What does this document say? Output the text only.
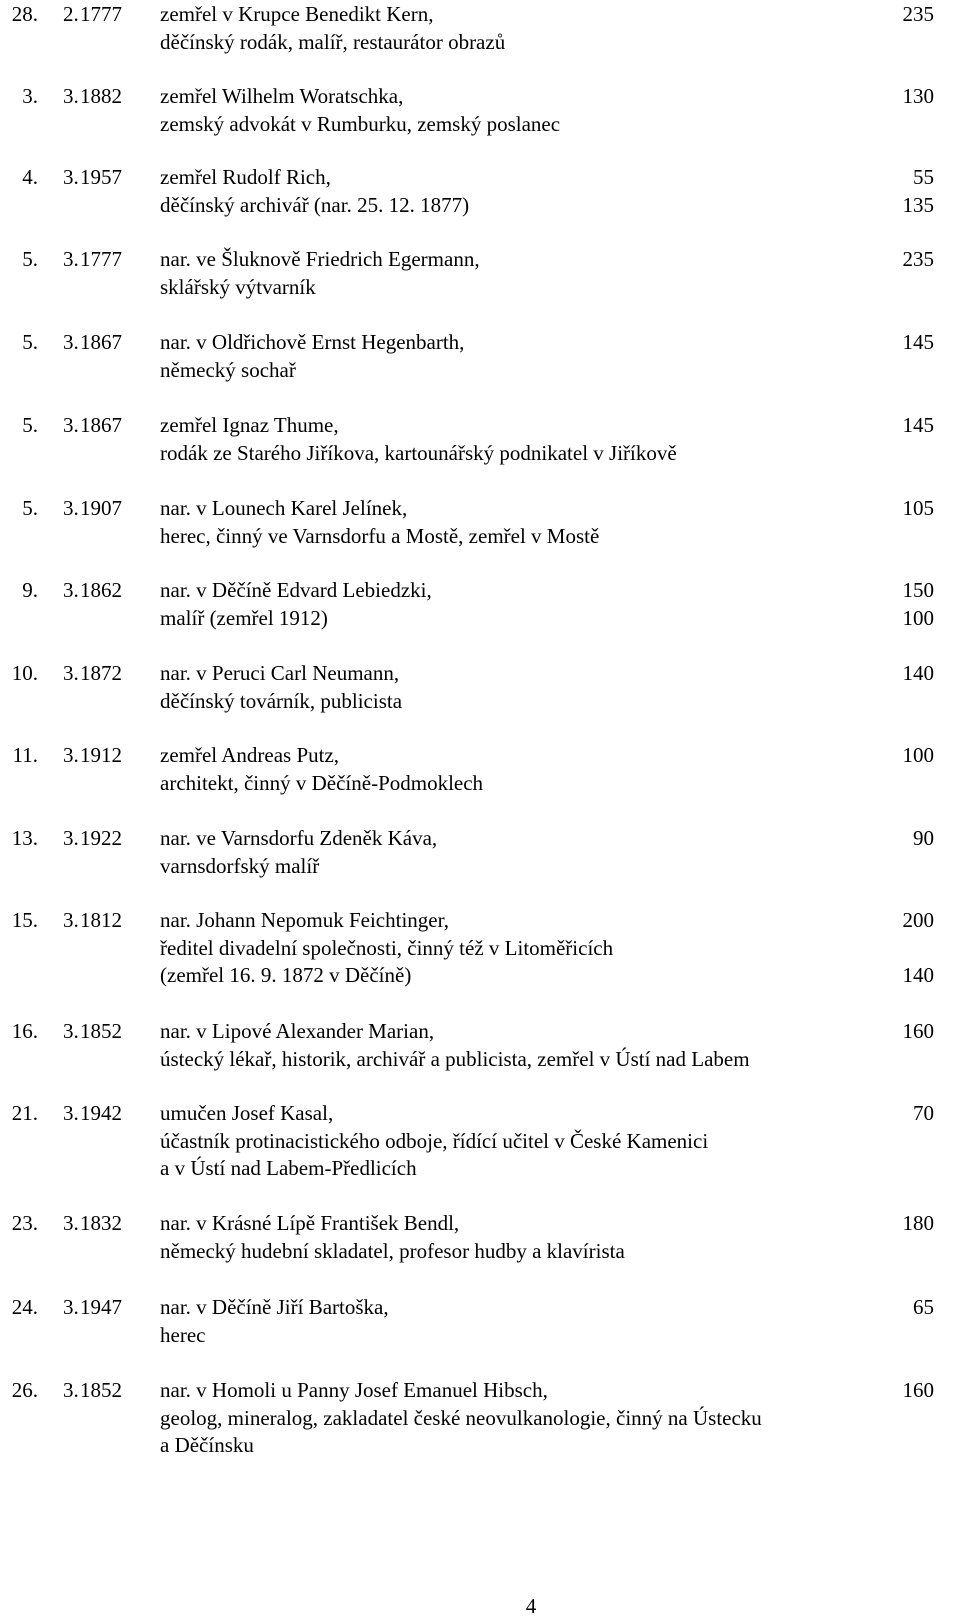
28. 2. 1777 zemřel v Krupce Benedikt Kern,	235
děčínský rodák, malíř, restaurátor obrazů
3. 3. 1882 zemřel Wilhelm Woratschka,	130
zemský advokát v Rumburku, zemský poslanec
4. 3. 1957 zemřel Rudolf Rich,	55
děčínský archivář (nar. 25. 12. 1877)	135
5. 3. 1777 nar. ve Šluknově Friedrich Egermann,	235
sklářský výtvarník
5. 3. 1867 nar. v Oldřichově Ernst Hegenbarth,	145
německý sochař
5. 3. 1867 zemřel Ignaz Thume,	145
rodák ze Starého Jiříkova, kartounářský podnikatel v Jiříkově
5. 3. 1907 nar. v Lounech Karel Jelínek,	105
herec, činný ve Varnsdorfu a Mostě, zemřel v Mostě
9. 3. 1862 nar. v Děčíně Edvard Lebiedzki,	150
malíř (zemřel 1912)	100
10. 3. 1872 nar. v Peruci Carl Neumann,	140
děčínský továrník, publicista
11. 3. 1912 zemřel Andreas Putz,	100
architekt, činný v Děčíně-Podmoklech
13. 3. 1922 nar. ve Varnsdorfu Zdeněk Káva,	90
varnsdorfský malíř
15. 3. 1812 nar. Johann Nepomuk Feichtinger,	200
ředitel divadelní společnosti, činný též v Litoměřicích
(zemřel 16. 9. 1872 v Děčíně)	140
16. 3. 1852 nar. v Lipové Alexander Marian,	160
ústecký lékař, historik, archivář a publicista, zemřel v Ústí nad Labem
21. 3. 1942 umučen Josef Kasal,	70
účastník protinacistického odboje, řídící učitel v České Kamenici
a v Ústí nad Labem-Předlicích
23. 3. 1832 nar. v Krásné Lípě František Bendl,	180
německý hudební skladatel, profesor hudby a klavírista
24. 3. 1947 nar. v Děčíně Jiří Bartoška,	65
herec
26. 3. 1852 nar. v Homoli u Panny Josef Emanuel Hibsch,	160
geolog, mineralog, zakladatel české neovulkanologie, činný na Ústecku
a Děčínsku
4
